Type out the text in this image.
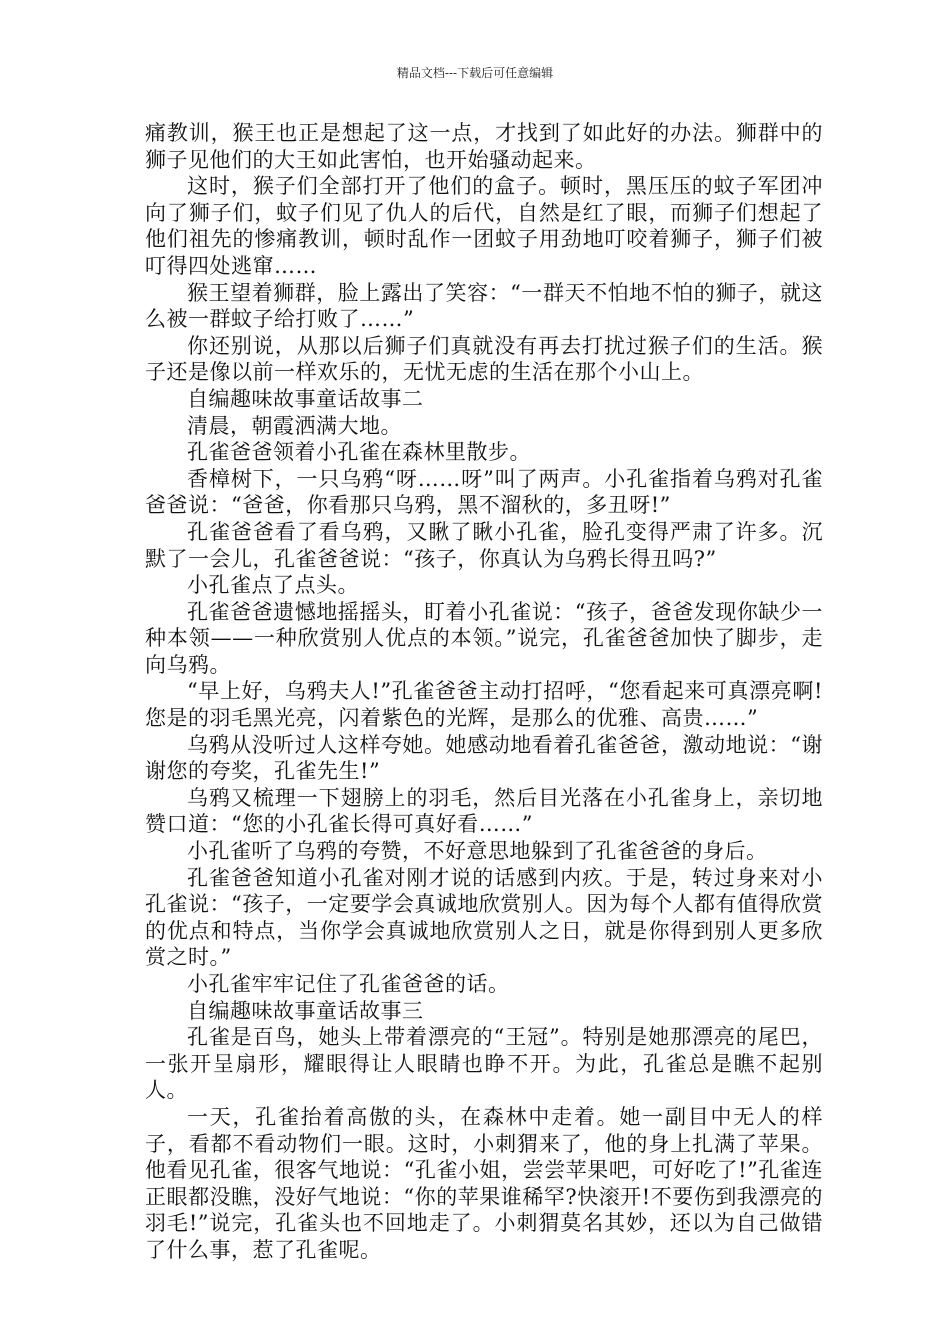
精品文档---下载后可任意编辑

痛教训，猴王也正是想起了这一点，才找到了如此好的办法。狮群中的狮子见他们的大王如此害怕，也开始骚动起来。

这时，猴子们全部打开了他们的盒子。顿时，黑压压的蚊子军团冲向了狮子们，蚊子们见了仇人的后代，自然是红了眼，而狮子们想起了他们祖先的惨痛教训，顿时乱作一团蚊子用劲地叮咬着狮子，狮子们被叮得四处逃窜……

猴王望着狮群，脸上露出了笑容：“一群天不怕地不怕的狮子，就这么被一群蚊子给打败了……”

你还别说，从那以后狮子们真就没有再去打扰过猴子们的生活。猴子还是像以前一样欢乐的，无忧无虑的生活在那个小山上。

自编趣味故事童话故事二

清晨，朝霞洒满大地。

孔雀爸爸领着小孔雀在森林里散步。

香樟树下，一只乌鸦“呀……呀”叫了两声。小孔雀指着乌鸦对孔雀爸爸说：“爸爸，你看那只乌鸦，黑不溜秋的，多丑呀!”

孔雀爸爸看了看乌鸦，又瞅了瞅小孔雀，脸孔变得严肃了许多。沉默了一会儿，孔雀爸爸说：“孩子，你真认为乌鸦长得丑吗?”

小孔雀点了点头。

孔雀爸爸遗憾地摇摇头，盯着小孔雀说：“孩子，爸爸发现你缺少一种本领——一种欣赏别人优点的本领。”说完，孔雀爸爸加快了脚步，走向乌鸦。

“早上好，乌鸦夫人!”孔雀爸爸主动打招呼，“您看起来可真漂亮啊!您是的羽毛黑光亮，闪着紫色的光辉，是那么的优雅、高贵……”

乌鸦从没听过人这样夸她。她感动地看着孔雀爸爸，激动地说：“谢谢您的夸奖，孔雀先生!”

乌鸦又梳理一下翅膀上的羽毛，然后目光落在小孔雀身上，亲切地赞口道：“您的小孔雀长得可真好看……”

小孔雀听了乌鸦的夸赞，不好意思地躲到了孔雀爸爸的身后。

孔雀爸爸知道小孔雀对刚才说的话感到内疚。于是，转过身来对小孔雀说：“孩子，一定要学会真诚地欣赏别人。因为每个人都有值得欣赏的优点和特点，当你学会真诚地欣赏别人之日，就是你得到别人更多欣赏之时。”

小孔雀牢牢记住了孔雀爸爸的话。

自编趣味故事童话故事三

孔雀是百鸟，她头上带着漂亮的“王冠”。特别是她那漂亮的尾巴，一张开呈扇形，耀眼得让人眼睛也睁不开。为此，孔雀总是瞧不起别人。

一天，孔雀抬着高傲的头，在森林中走着。她一副目中无人的样子，看都不看动物们一眼。这时，小刺猬来了，他的身上扎满了苹果。他看见孔雀，很客气地说：“孔雀小姐，尝尝苹果吧，可好吃了!”孔雀连正眼都没瞧，没好气地说：“你的苹果谁稀罕?快滚开!不要伤到我漂亮的羽毛!”说完，孔雀头也不回地走了。小刺猬莫名其妙，还以为自己做错了什么事，惹了孔雀呢。
